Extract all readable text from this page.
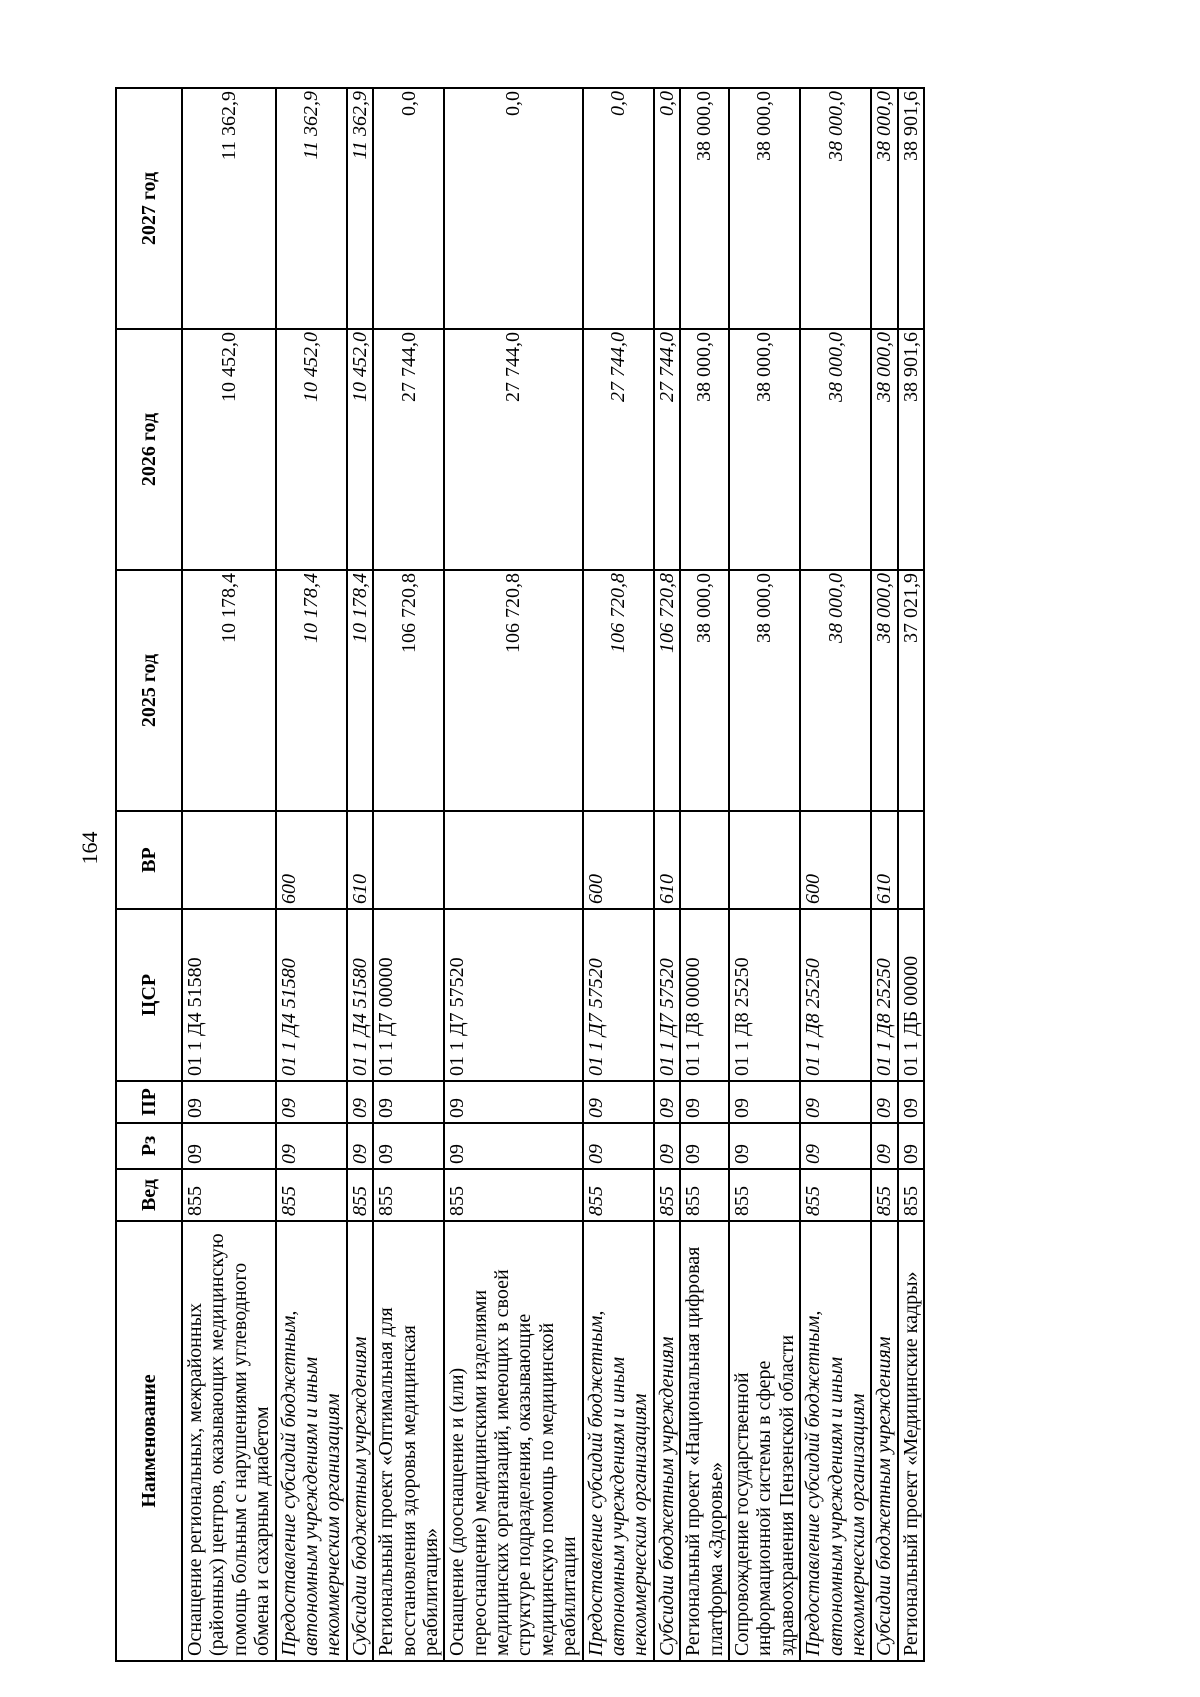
164
Наименование	Вед	Рз	ПР	ЦСР	ВР	2025 год	2026 год	2027 год
Оснащение региональных, межрайонных (районных) центров, оказывающих медицинскую помощь больным с нарушениями углеводного обмена и сахарным диабетом	855	09	09	01 1 Д4 51580		10 178,4	10 452,0	11 362,9
Предоставление субсидий бюджетным, автономным учреждениям и иным некоммерческим организациям	855	09	09	01 1 Д4 51580	600	10 178,4	10 452,0	11 362,9
Субсидии бюджетным учреждениям	855	09	09	01 1 Д4 51580	610	10 178,4	10 452,0	11 362,9
Региональный проект «Оптимальная для восстановления здоровья медицинская реабилитация»	855	09	09	01 1 Д7 00000		106 720,8	27 744,0	0,0
Оснащение (дооснащение и (или) переоснащение) медицинскими изделиями медицинских организаций, имеющих в своей структуре подразделения, оказывающие медицинскую помощь по медицинской реабилитации	855	09	09	01 1 Д7 57520		106 720,8	27 744,0	0,0
Предоставление субсидий бюджетным, автономным учреждениям и иным некоммерческим организациям	855	09	09	01 1 Д7 57520	600	106 720,8	27 744,0	0,0
Субсидии бюджетным учреждениям	855	09	09	01 1 Д7 57520	610	106 720,8	27 744,0	0,0
Региональный проект «Национальная цифровая платформа «Здоровье»	855	09	09	01 1 Д8 00000		38 000,0	38 000,0	38 000,0
Сопровождение государственной информационной системы в сфере здравоохранения Пензенской области	855	09	09	01 1 Д8 25250		38 000,0	38 000,0	38 000,0
Предоставление субсидий бюджетным, автономным учреждениям и иным некоммерческим организациям	855	09	09	01 1 Д8 25250	600	38 000,0	38 000,0	38 000,0
Субсидии бюджетным учреждениям	855	09	09	01 1 Д8 25250	610	38 000,0	38 000,0	38 000,0
Региональный проект «Медицинские кадры»	855	09	09	01 1 ДБ 00000		37 021,9	38 901,6	38 901,6
